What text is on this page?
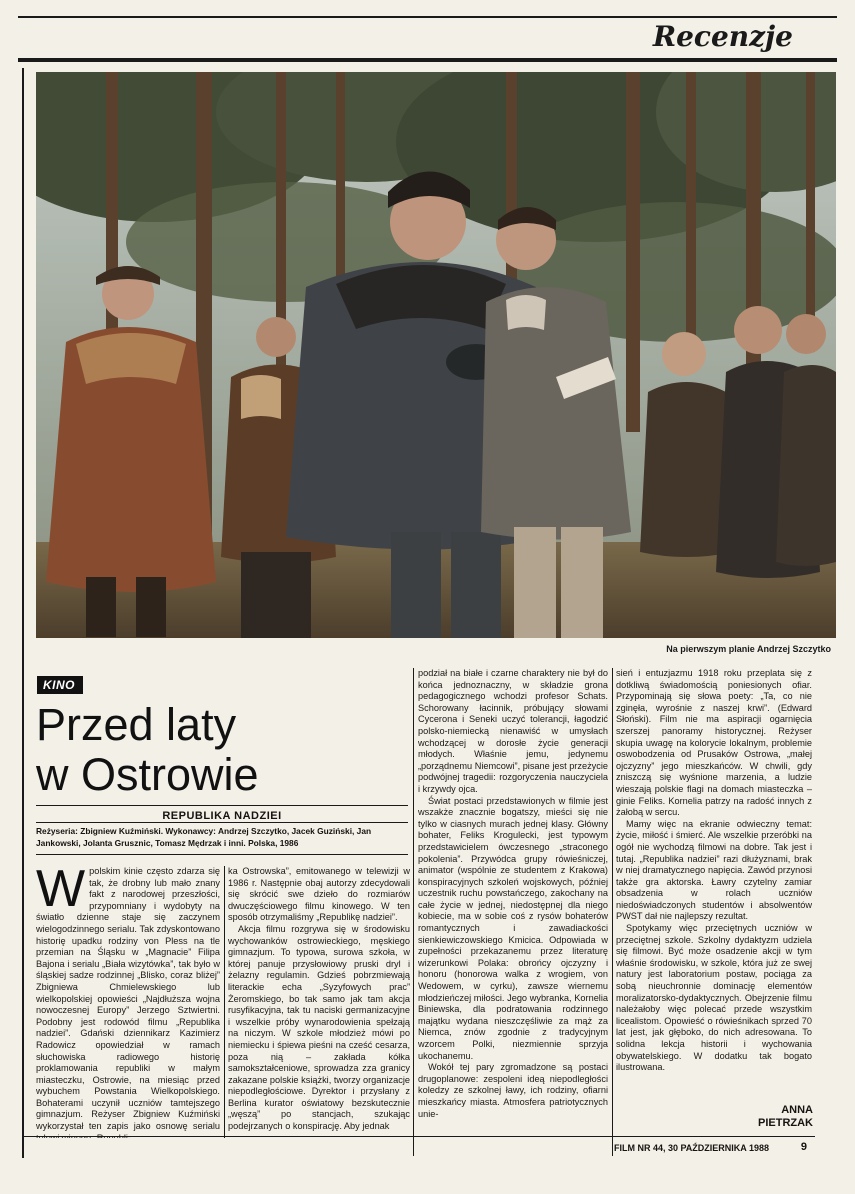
Recenzje
Na pierwszym planie Andrzej Szczytko
KINO
Przed laty
w Ostrowie
REPUBLIKA NADZIEI
Reżyseria: Zbigniew Kuźmiński. Wykonawcy: Andrzej Szczytko, Jacek Guziński, Jan Jankowski, Jolanta Grusznic, Tomasz Mędrzak i inni. Polska, 1986
W polskim kinie często zdarza się tak, że drobny lub mało znany fakt z narodowej przeszłości, przypomniany i wydobyty na światło dzienne staje się zaczynem wielogodzinnego serialu. Tak zdyskontowano historię upadku rodziny von Pless na tle przemian na Śląsku w „Magnacie” Filipa Bajona i serialu „Biała wizytówka”, tak było w śląskiej sadze rodzinnej „Blisko, coraz bliżej” Zbigniewa Chmielewskiego lub wielkopolskiej opowieści „Najdłuższa wojna nowoczesnej Europy” Jerzego Sztwiertni. Podobny jest rodowód filmu „Republika nadziei”. Gdański dziennikarz Kazimierz Radowicz opowiedział w ramach słuchowiska radiowego historię proklamowania republiki w małym miasteczku, Ostrowie, na miesiąc przed wybuchem Powstania Wielkopolskiego. Bohaterami uczynił uczniów tamtejszego gimnazjum. Reżyser Zbigniew Kuźmiński wykorzystał ten zapis jako osnowę serialu

ka Ostrowska”, emitowanego w telewizji w 1986 r. Następnie obaj autorzy zdecydowali się skrócić swe dzieło do rozmiarów dwuczęściowego filmu kinowego. W ten sposób otrzymaliśmy „Republikę nadziei”.

Akcja filmu rozgrywa się w środowisku wychowanków ostrowieckiego, męskiego gimnazjum. To typowa, surowa szkoła, w której panuje przysłowiowy pruski dryl i żelazny regulamin. Gdzieś pobrzmiewają literackie echa „Syzyfowych prac” Żeromskiego, bo tak samo jak tam akcja rusyfikacyjna, tak tu naciski germanizacyjne i wszelkie próby wynarodowienia spełzają na niczym. W szkole młodzież mówi po niemiecku i śpiewa pieśni na cześć cesarza, poza nią – zakłada kółka samokształceniowe, sprowadza zza granicy zakazane polskie książki, tworzy organizacje niepodległościowe. Dyrektor i przysłany z Berlina kurator oświatowy bezskutecznie „węszą” po stancjach, szukając podejrzanych o konspirację. Aby jednak

podział na białe i czarne charaktery nie był do końca jednoznaczny, w składzie grona pedagogicznego wchodzi profesor Schats. Schorowany łacinnik, próbujący słowami Cycerona i Seneki uczyć tolerancji, łagodzić polsko-niemiecką nienawiść w umysłach wchodzącej w dorosłe życie generacji młodych. Właśnie jemu, jedynemu „porządnemu Niemcowi”, pisane jest przeżycie podwójnej tragedii: rozgoryczenia nauczyciela i krzywdy ojca.

Świat postaci przedstawionych w filmie jest wszakże znacznie bogatszy, mieści się nie tylko w ciasnych murach jednej klasy. Główny bohater, Feliks Krogulecki, jest typowym przedstawicielem ówczesnego „straconego pokolenia”. Przywódca grupy rówieśniczej, animator (wspólnie ze studentem z Krakowa) konspiracyjnych szkoleń wojskowych, później uczestnik ruchu powstańczego, zakochany na całe życie w jednej, niedostępnej dla niego kobiecie, ma w sobie coś z rysów bohaterów romantycznych i zawadiackości sienkiewiczowskiego Kmicica. Odpowiada w zupełności przekazanemu przez literaturę wizerunkowi Polaka: obrońcy ojczyzny i honoru (honorowa walka z wrogiem, von Wedowem, w cyrku), zawsze wiernemu młodzieńczej miłości. Jego wybranka, Kornelia Biniewska, dla podratowania rodzinnego majątku wydana nieszczęśliwie za mąż za Niemca, znów zgodnie z tradycyjnym wzorcem Polki, niezmiennie sprzyja ukochanemu.

Wokół tej pary zgromadzone są postaci drugoplanowe: zespoleni ideą niepodległości koledzy ze szkolnej ławy, ich rodziny, ofiarni mieszkańcy miasta. Atmosfera patriotycznych unie-

sień i entuzjazmu 1918 roku przeplata się z dotkliwą świadomością poniesionych ofiar. Przypominają się słowa poety: „Ta, co nie zginęła, wyrośnie z naszej krwi”. (Edward Słoński). Film nie ma aspiracji ogarnięcia szerszej panoramy historycznej. Reżyser skupia uwagę na kolorycie lokalnym, problemie oswobodzenia od Prusaków Ostrowa, „małej ojczyzny” jego mieszkańców. W chwili, gdy zniszczą się wyśnione marzenia, a ludzie wieszają polskie flagi na domach miasteczka – ginie Feliks. Kornelia patrzy na radość innych z żałobą w sercu.

Mamy więc na ekranie odwieczny temat: życie, miłość i śmierć. Ale wszelkie przeróbki na ogół nie wychodzą filmowi na dobre. Tak jest i tutaj. „Republika nadziei” razi dłużyznami, brak w niej dramatycznego napięcia. Zawód przynosi także gra aktorska. Ławry czytelny zamiar obsadzenia w rolach uczniów niedoświadczonych studentów i absolwentów PWST dał nie najlepszy rezultat.

Spotykamy więc przeciętnych uczniów w przeciętnej szkole. Szkolny dydaktyzm udziela się filmowi. Być może osadzenie akcji w tym właśnie środowisku, w szkole, która już ze swej natury jest laboratorium postaw, pociąga za sobą nieuchronnie dominację elementów moralizatorsko-dydaktycznych. Obejrzenie filmu należałoby więc polecać przede wszystkim licealistom. Opowieść o rówieśnikach sprzed 70 lat jest, jak głęboko, do nich adresowana. To solidna lekcja historii i wychowania obywatelskiego. W dodatku tak bogato ilustrowana.

ANNA
PIETRZAK
FILM NR 44, 30 PAŹDZIERNIKA 1988	9
